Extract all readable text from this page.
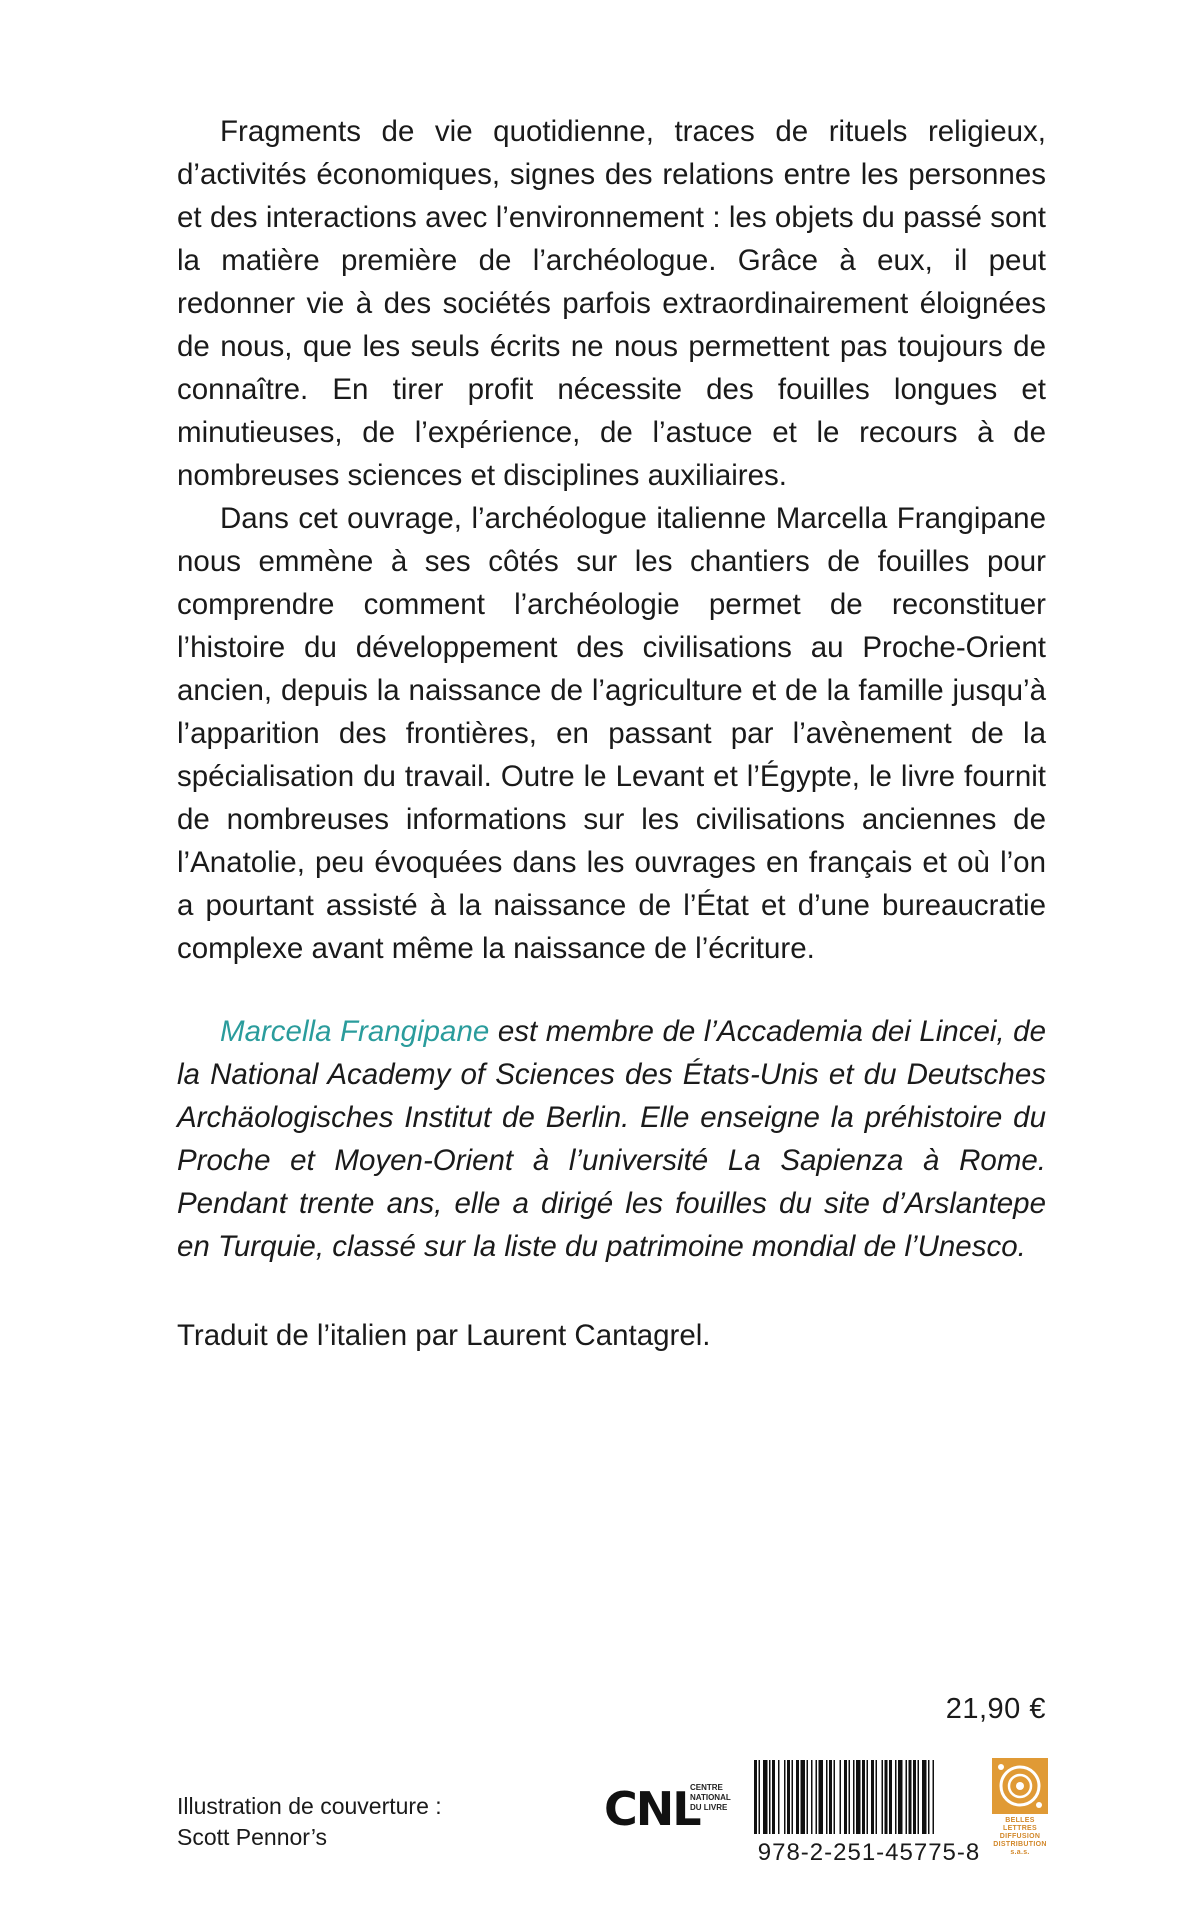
Fragments de vie quotidienne, traces de rituels religieux, d’activités économiques, signes des relations entre les personnes et des interactions avec l’environnement : les objets du passé sont la matière première de l’archéologue. Grâce à eux, il peut redonner vie à des sociétés parfois extraordinairement éloignées de nous, que les seuls écrits ne nous permettent pas toujours de connaître. En tirer profit nécessite des fouilles longues et minutieuses, de l’expérience, de l’astuce et le recours à de nombreuses sciences et disciplines auxiliaires.

Dans cet ouvrage, l’archéologue italienne Marcella Frangipane nous emmène à ses côtés sur les chantiers de fouilles pour comprendre comment l’archéologie permet de reconstituer l’histoire du développement des civilisations au Proche-Orient ancien, depuis la naissance de l’agriculture et de la famille jusqu’à l’apparition des frontières, en passant par l’avènement de la spécialisation du travail. Outre le Levant et l’Égypte, le livre fournit de nombreuses informations sur les civilisations anciennes de l’Anatolie, peu évoquées dans les ouvrages en français et où l’on a pourtant assisté à la naissance de l’État et d’une bureaucratie complexe avant même la naissance de l’écriture.

Marcella Frangipane est membre de l’Accademia dei Lincei, de la National Academy of Sciences des États-Unis et du Deutsches Archäologisches Institut de Berlin. Elle enseigne la préhistoire du Proche et Moyen-Orient à l’université La Sapienza à Rome. Pendant trente ans, elle a dirigé les fouilles du site d’Arslantepe en Turquie, classé sur la liste du patrimoine mondial de l’Unesco.

Traduit de l’italien par Laurent Cantagrel.

21,90 €
Illustration de couverture :
Scott Pennor’s
CNL
CENTRE
NATIONAL
DU LIVRE
978-2-251-45775-8
BELLES LETTRES
DIFFUSION
DISTRIBUTION
s.a.s.
